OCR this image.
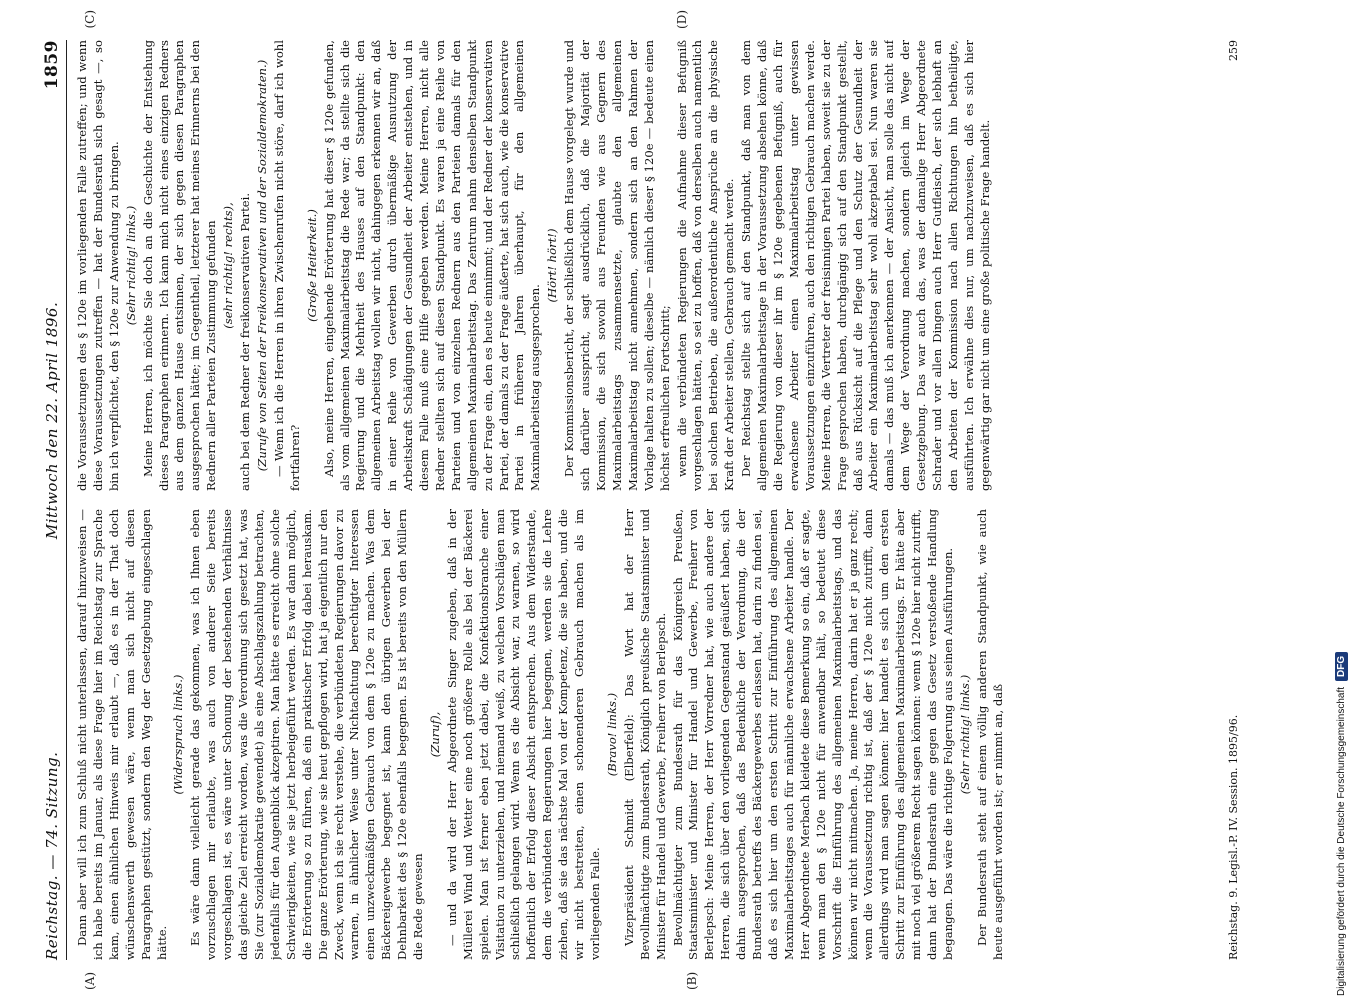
Reichstag. — 74. Sitzung.
Mittwoch den 22. April 1896.
1859
(A)	(B)
(C)	(D)

Dann aber will ich zum Schluß nicht unterlassen, darauf hinzuweisen — ich habe bereits im Januar, als diese Frage hier im Reichstag zur Sprache kam, einen ähnlichen Hinweis mir erlaubt —, daß es in der That doch wünschenswerth gewesen wäre, wenn man sich nicht auf diesen Paragraphen gestützt, sondern den Weg der Gesetzgebung eingeschlagen hätte.

(Widerspruch links.) Es wäre dann vielleicht gerade das gekommen, was ich Ihnen eben vorzuschlagen mir erlaubte, was auch von anderer Seite bereits vorgeschlagen ist, es wäre unter Schonung der bestehenden Verhältnisse das gleiche Ziel erreicht worden, was die Verordnung sich gesetzt hat, was Sie (zur Sozialdemokratie gewendet) als eine Abschlagszahlung betrachten, jedenfalls für den Augenblick akzeptiren. Man hätte es erreicht ohne solche Schwierigkeiten, wie sie jetzt herbeigeführt werden. Es war dann möglich, die Erörterung so zu führen, daß ein praktischer Erfolg dabei herauskam. Die ganze Erörterung, wie sie heut gepflogen wird, hat ja eigentlich nur den Zweck, wenn ich sie recht verstehe, die verbündeten Regierungen davor zu warnen, in ähnlicher Weise unter Nichtachtung berechtigter Interessen einen unzweckmäßigen Gebrauch von dem § 120e zu machen. Was dem Bäckereigewerbe begegnet ist, kann den übrigen Gewerben bei der Dehnbarkeit des § 120e ebenfalls begegnen. Es ist bereits von den Müllern die Rede gewesen

(Zuruf), — und da wird der Herr Abgeordnete Singer zugeben, daß in der Müllerei Wind und Wetter eine noch größere Rolle als bei der Bäckerei spielen. Man ist ferner eben jetzt dabei, die Konfektionsbranche einer Visitation zu unterziehen, und niemand weiß, zu welchen Vorschlägen man schließlich gelangen wird. Wenn es die Absicht war, zu warnen, so wird hoffentlich der Erfolg dieser Absicht entsprechen. Aus dem Widerstande, dem die verbündeten Regierungen hier begegnen, werden sie die Lehre ziehen, daß sie das nächste Mal von der Kompetenz, die sie haben, und die wir nicht bestreiten, einen schonenderen Gebrauch machen als im vorliegenden Falle.

(Bravo! links.) Vizepräsident Schmidt (Elberfeld): Das Wort hat der Herr Bevollmächtigte zum Bundesrath, Königlich preußische Staatsminister und Minister für Handel und Gewerbe, Freiherr von Berlepsch. Bevollmächtigter zum Bundesrath für das Königreich Preußen, Staatsminister und Minister für Handel und Gewerbe, Freiherr von Berlepsch: Meine Herren, der Herr Vorredner hat, wie auch andere der Herren, die sich über den vorliegenden Gegenstand geäußert haben, sich dahin ausgesprochen, daß das Bedenkliche der Verordnung, die der Bundesrath betreffs des Bäckergewerbes erlassen hat, darin zu finden sei, daß es sich hier um den ersten Schritt zur Einführung des allgemeinen Maximalarbeitstages auch für männliche erwachsene Arbeiter handle. Der Herr Abgeordnete Merbach kleidete diese Bemerkung so ein, daß er sagte, wenn man den § 120e nicht für anwendbar hält, so bedeutet diese Vorschrift die Einführung des allgemeinen Maximalarbeitstags, und das können wir nicht mitmachen. Ja, meine Herren, darin hat er ja ganz recht; wenn die Voraussetzung richtig ist, daß der § 120e nicht zutrifft, dann allerdings wird man sagen können: hier handelt es sich um den ersten Schritt zur Einführung des allgemeinen Maximalarbeitstags. Er hätte aber mit noch viel größerem Recht sagen können: wenn § 120e hier nicht zutrifft, dann hat der Bundesrath eine gegen das Gesetz verstoßende Handlung begangen. Das wäre die richtige Folgerung aus seinen Ausführungen. (Sehr richtig! links.) Der Bundesrath steht auf einem völlig anderen Standpunkt, wie auch heute ausgeführt worden ist; er nimmt an, daß

die Voraussetzungen des § 120e im vorliegenden Falle zutreffen; und wenn diese Voraussetzungen zutreffen — hat der Bundesrath sich gesagt —, so bin ich verpflichtet, den § 120e zur Anwendung zu bringen. (Sehr richtig! links.) Meine Herren, ich möchte Sie doch an die Geschichte der Entstehung dieses Paragraphen erinnern. Ich kann mich nicht eines einzigen Redners aus dem ganzen Hause entsinnen, der sich gegen diesen Paragraphen ausgesprochen hätte; im Gegentheil, letzterer hat meines Erinnerns bei den Rednern aller Parteien Zustimmung gefunden (sehr richtig! rechts), auch bei dem Redner der freikonservativen Partei. (Zurufe von Seiten der Freikonservativen und der Sozialdemokraten.) — Wenn ich die Herren in ihren Zwischenrufen nicht störe, darf ich wohl fortfahren?

(Große Heiterkeit.) Also, meine Herren, eingehende Erörterung hat dieser § 120e gefunden, als vom allgemeinen Maximalarbeitstag die Rede war; da stellte sich die Regierung und die Mehrheit des Hauses auf den Standpunkt: den allgemeinen Arbeitstag wollen wir nicht, dahingegen erkennen wir an, daß in einer Reihe von Gewerben durch übermäßige Ausnutzung der Arbeitskraft Schädigungen der Gesundheit der Arbeiter entstehen, und in diesem Falle muß eine Hilfe gegeben werden. Meine Herren, nicht alle Redner stellten sich auf diesen Standpunkt. Es waren ja eine Reihe von Parteien und von einzelnen Rednern aus den Parteien damals für den allgemeinen Maximalarbeitstag. Das Zentrum nahm denselben Standpunkt zu der Frage ein, den es heute einnimmt; und der Redner der konservativen Partei, der damals zu der Frage äußerte, hat sich auch, wie die konservative Partei in früheren Jahren überhaupt, für den allgemeinen Maximalarbeitstag ausgesprochen.

(Hört! hört!) Der Kommissionsbericht, der schließlich dem Hause vorgelegt wurde und sich darüber ausspricht, sagt ausdrücklich, daß die Majorität der Kommission, die sich sowohl aus Freunden wie aus Gegnern des Maximalarbeitstags zusammensetzte, glaubte den allgemeinen Maximalarbeitstag nicht annehmen, sondern sich an den Rahmen der Vorlage halten zu sollen; dieselbe — nämlich dieser § 120e — bedeute einen höchst erfreulichen Fortschritt; wenn die verbündeten Regierungen die Aufnahme dieser Befugniß vorgeschlagen hätten, so sei zu hoffen, daß von derselben auch namentlich bei solchen Betrieben, die außerordentliche Ansprüche an die physische Kraft der Arbeiter stellen, Gebrauch gemacht werde. Der Reichstag stellte sich auf den Standpunkt, daß man von dem allgemeinen Maximalarbeitstage in der Voraussetzung absehen könne, daß die Regierung von dieser ihr im § 120e gegebenen Befugniß, auch für erwachsene Arbeiter einen Maximalarbeitstag unter gewissen Voraussetzungen einzuführen, auch den richtigen Gebrauch machen werde. Meine Herren, die Vertreter der freisinnigen Partei haben, soweit sie zu der Frage gesprochen haben, durchgängig sich auf den Standpunkt gestellt, daß aus Rücksicht auf die Pflege und den Schutz der Gesundheit der Arbeiter ein Maximalarbeitstag sehr wohl akzeptabel sei. Nun waren sie damals — das muß ich anerkennen — der Ansicht, man solle das nicht auf dem Wege der Verordnung machen, sondern gleich im Wege der Gesetzgebung. Das war auch das, was der damalige Herr Abgeordnete Schrader und vor allen Dingen auch Herr Gutfleisch, der sich lebhaft an den Arbeiten der Kommission nach allen Richtungen hin betheiligte, ausführten. Ich erwähne dies nur, um nachzuweisen, daß es sich hier gegenwärtig gar nicht um eine große politische Frage handelt.

Reichstag. 9. Legisl.-P. IV. Session. 1895/96.
259
Digitalisierung gefördert durch die Deutsche Forschungsgemeinschaft
DFG
